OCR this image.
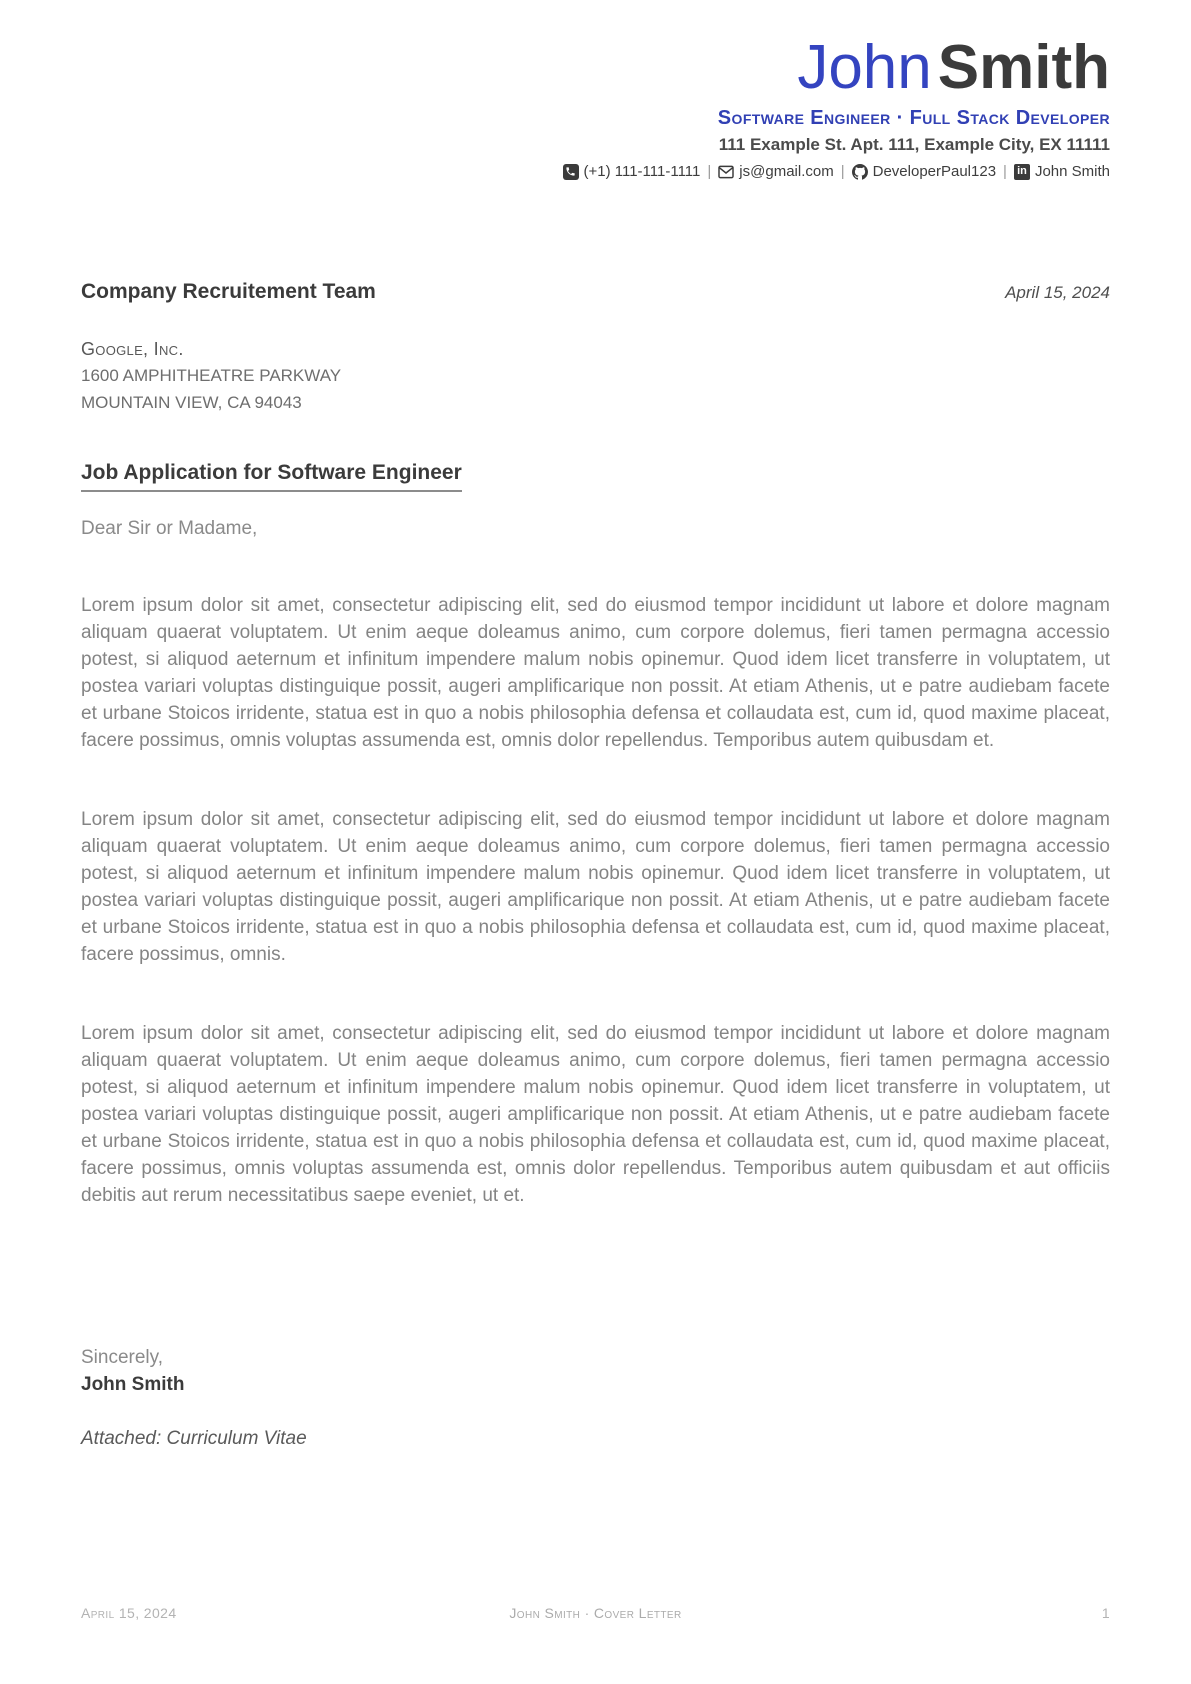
JohnSmith
Software Engineer · Full Stack Developer
111 Example St. Apt. 111, Example City, EX 11111
(+1) 111-111-1111 | js@gmail.com | DeveloperPaul123 | in John Smith
Company Recruitement Team	April 15, 2024
Google, Inc.
1600 AMPHITHEATRE PARKWAY
MOUNTAIN VIEW, CA 94043
Job Application for Software Engineer
Dear Sir or Madame,

Lorem ipsum dolor sit amet, consectetur adipiscing elit, sed do eiusmod tempor incididunt ut labore et dolore magnam aliquam quaerat voluptatem. Ut enim aeque doleamus animo, cum corpore dolemus, fieri tamen permagna accessio potest, si aliquod aeternum et infinitum impendere malum nobis opinemur. Quod idem licet transferre in voluptatem, ut postea variari voluptas distinguique possit, augeri amplificarique non possit. At etiam Athenis, ut e patre audiebam facete et urbane Stoicos irridente, statua est in quo a nobis philosophia defensa et collaudata est, cum id, quod maxime placeat, facere possimus, omnis voluptas assumenda est, omnis dolor repellendus. Temporibus autem quibusdam et.

Lorem ipsum dolor sit amet, consectetur adipiscing elit, sed do eiusmod tempor incididunt ut labore et dolore magnam aliquam quaerat voluptatem. Ut enim aeque doleamus animo, cum corpore dolemus, fieri tamen permagna accessio potest, si aliquod aeternum et infinitum impendere malum nobis opinemur. Quod idem licet transferre in voluptatem, ut postea variari voluptas distinguique possit, augeri amplificarique non possit. At etiam Athenis, ut e patre audiebam facete et urbane Stoicos irridente, statua est in quo a nobis philosophia defensa et collaudata est, cum id, quod maxime placeat, facere possimus, omnis.

Lorem ipsum dolor sit amet, consectetur adipiscing elit, sed do eiusmod tempor incididunt ut labore et dolore magnam aliquam quaerat voluptatem. Ut enim aeque doleamus animo, cum corpore dolemus, fieri tamen permagna accessio potest, si aliquod aeternum et infinitum impendere malum nobis opinemur. Quod idem licet transferre in voluptatem, ut postea variari voluptas distinguique possit, augeri amplificarique non possit. At etiam Athenis, ut e patre audiebam facete et urbane Stoicos irridente, statua est in quo a nobis philosophia defensa et collaudata est, cum id, quod maxime placeat, facere possimus, omnis voluptas assumenda est, omnis dolor repellendus. Temporibus autem quibusdam et aut officiis debitis aut rerum necessitatibus saepe eveniet, ut et.

Sincerely,
John Smith
Attached: Curriculum Vitae
April 15, 2024	John Smith · Cover Letter	1
